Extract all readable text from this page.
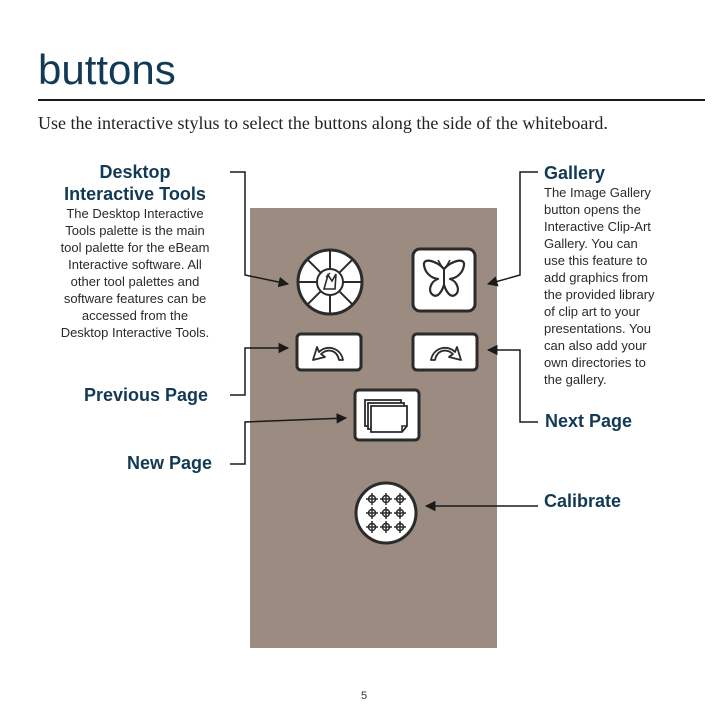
buttons

Use the interactive stylus to select the buttons along the side of the whiteboard.

Desktop
Interactive Tools
The Desktop Interactive
Tools palette is the main
tool palette for the eBeam
Interactive software. All
other tool palettes and
software features can be
accessed from the
Desktop Interactive Tools.
Gallery
The Image Gallery
button opens the
Interactive Clip-Art
Gallery. You can
use this feature to
add graphics from
the provided library
of clip art to your
presentations. You
can also add your
own directories to
the gallery.
Previous Page
New Page
Next Page
Calibrate
5
